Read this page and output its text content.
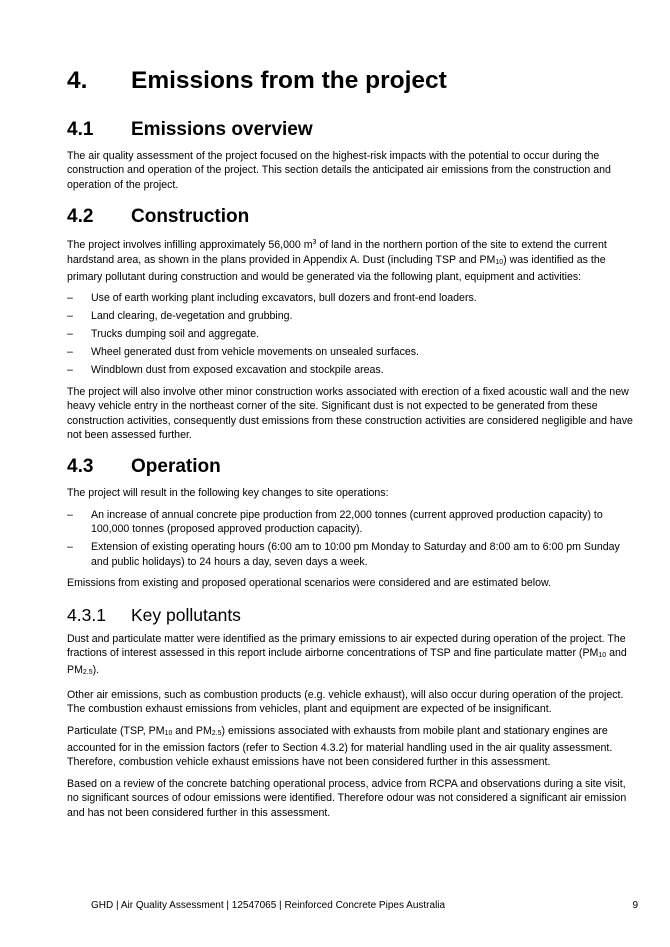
4.	Emissions from the project
4.1	Emissions overview

The air quality assessment of the project focused on the highest-risk impacts with the potential to occur during the construction and operation of the project. This section details the anticipated air emissions from the construction and operation of the project.

4.2	Construction

The project involves infilling approximately 56,000 $m^3$ of land in the northern portion of the site to extend the current hardstand area, as shown in the plans provided in Appendix A. Dust (including TSP and $PM_{10}$) was identified as the primary pollutant during construction and would be generated via the following plant, equipment and activities:

–	Use of earth working plant including excavators, bull dozers and front-end loaders.
–	Land clearing, de-vegetation and grubbing.
–	Trucks dumping soil and aggregate.
–	Wheel generated dust from vehicle movements on unsealed surfaces.
–	Windblown dust from exposed excavation and stockpile areas.

The project will also involve other minor construction works associated with erection of a fixed acoustic wall and the new heavy vehicle entry in the northeast corner of the site. Significant dust is not expected to be generated from these construction activities, consequently dust emissions from these construction activities are considered negligible and have not been assessed further.

4.3	Operation

The project will result in the following key changes to site operations:

–	An increase of annual concrete pipe production from 22,000 tonnes (current approved production capacity) to 100,000 tonnes (proposed approved production capacity).
–	Extension of existing operating hours (6:00 am to 10:00 pm Monday to Saturday and 8:00 am to 6:00 pm Sunday and public holidays) to 24 hours a day, seven days a week.

Emissions from existing and proposed operational scenarios were considered and are estimated below.

4.3.1	Key pollutants

Dust and particulate matter were identified as the primary emissions to air expected during operation of the project. The fractions of interest assessed in this report include airborne concentrations of TSP and fine particulate matter ($PM_{10}$ and $PM_{2.5}$).

Other air emissions, such as combustion products (e.g. vehicle exhaust), will also occur during operation of the project. The combustion exhaust emissions from vehicles, plant and equipment are expected of be insignificant.

Particulate (TSP, $PM_{10}$ and $PM_{2.5}$) emissions associated with exhausts from mobile plant and stationary engines are accounted for in the emission factors (refer to Section 4.3.2) for material handling used in the air quality assessment. Therefore, combustion vehicle exhaust emissions have not been considered further in this assessment.

Based on a review of the concrete batching operational process, advice from RCPA and observations during a site visit, no significant sources of odour emissions were identified. Therefore odour was not considered a significant air emission and has not been considered further in this assessment.

GHD | Air Quality Assessment | 12547065 | Reinforced Concrete Pipes Australia	9
